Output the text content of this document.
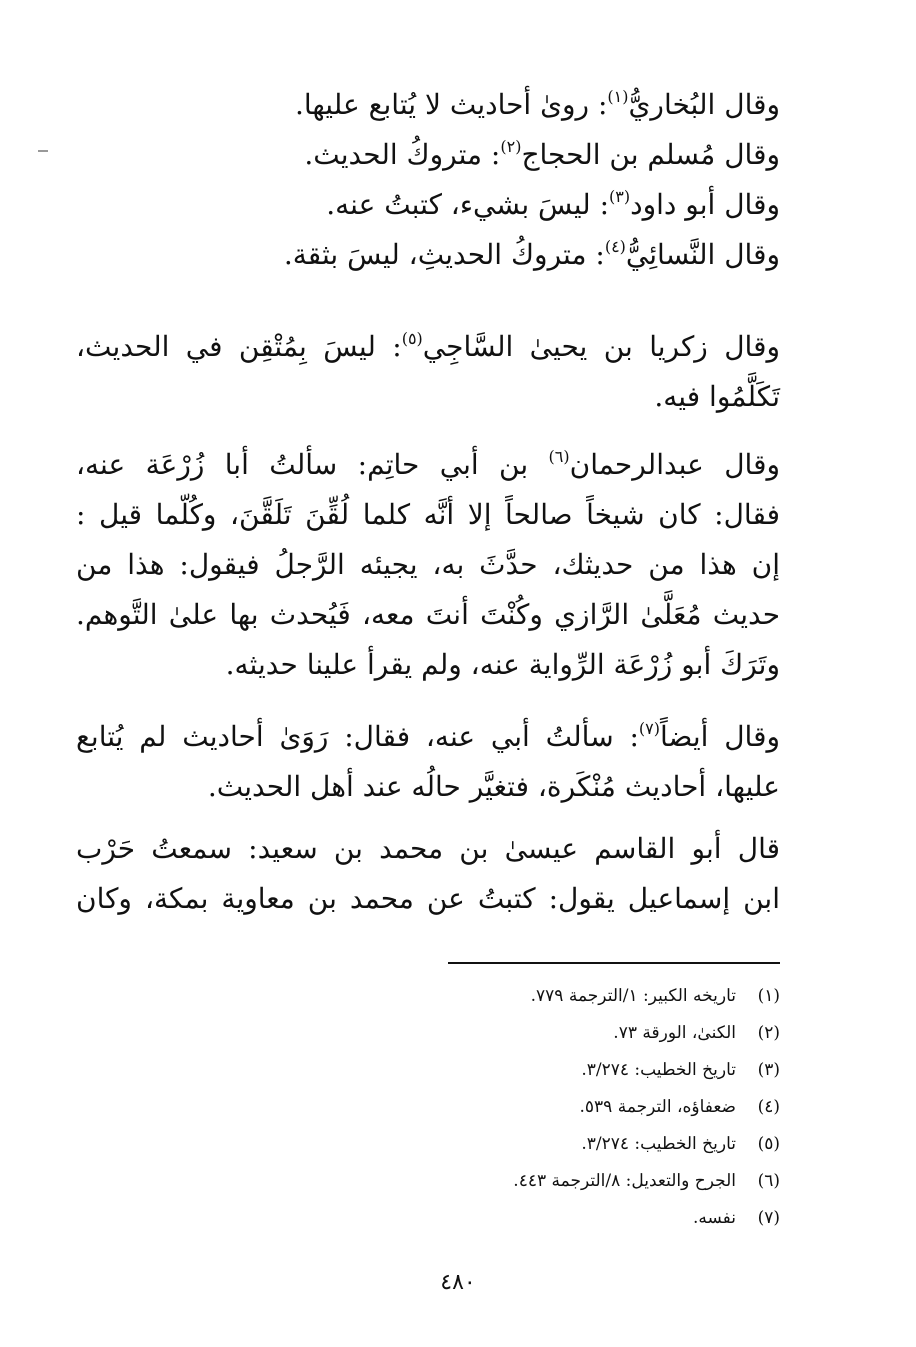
وقال البُخاريُّ$^{(١)}$: روىٰ أحاديث لا يُتابع عليها.
وقال مُسلم بن الحجاج$^{(٢)}$: متروكُ الحديث.
وقال أبو داود$^{(٣)}$: ليسَ بشيء، كتبتُ عنه.
وقال النَّسائِيُّ$^{(٤)}$: متروكُ الحديثِ، ليسَ بثقة.
وقال زكريا بن يحيىٰ السَّاجِي$^{(٥)}$: ليسَ بِمُتْقِن في الحديث،
تَكَلَّمُوا فيه.
وقال عبدالرحمان$^{(٦)}$ بن أبي حاتِم: سألتُ أبا زُرْعَة عنه،
فقال: كان شيخاً صالحاً إلا أنَّه كلما لُقِّنَ تَلَقَّنَ، وكُلّما قيل :
إن هذا من حديثك، حدَّثَ به، يجيئه الرَّجلُ فيقول: هذا من
حديث مُعَلَّىٰ الرَّازي وكُنْتَ أنتَ معه، فَيُحدث بها علىٰ التَّوهم.
وتَرَكَ أبو زُرْعَة الرِّواية عنه، ولم يقرأ علينا حديثه.
وقال أيضاً$^{(٧)}$: سألتُ أبي عنه، فقال: رَوَىٰ أحاديث لم يُتابع
عليها، أحاديث مُنْكَرة، فتغيَّر حالُه عند أهل الحديث.
قال أبو القاسم عيسىٰ بن محمد بن سعيد: سمعتُ حَرْب
ابن إسماعيل يقول: كتبتُ عن محمد بن معاوية بمكة، وكان
(١)تاريخه الكبير: ١/الترجمة ٧٧٩.
(٢)الكنىٰ، الورقة ٧٣.
(٣)تاريخ الخطيب: ٣/٢٧٤.
(٤)ضعفاؤه، الترجمة ٥٣٩.
(٥)تاريخ الخطيب: ٣/٢٧٤.
(٦)الجرح والتعديل: ٨/الترجمة ٤٤٣.
(٧)نفسه.
٤٨٠
